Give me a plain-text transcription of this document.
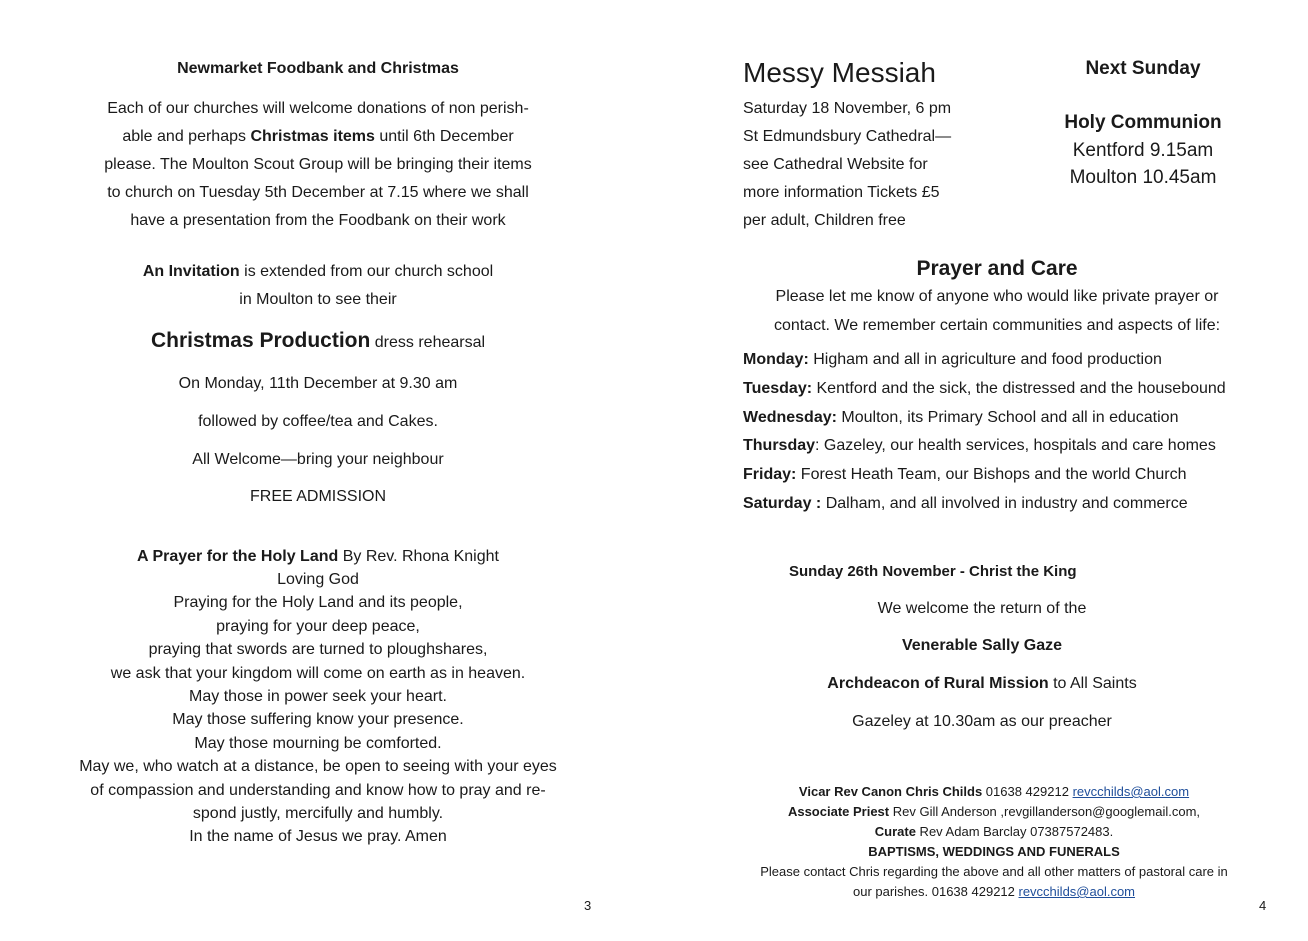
Newmarket Foodbank and Christmas
Each of our churches will welcome donations of non perish-
able and perhaps Christmas items until 6th December
please. The Moulton Scout Group will be bringing their items
to church on Tuesday 5th December at 7.15 where we shall
have a presentation from the Foodbank on their work
An Invitation is extended from our church school
in Moulton to see their
Christmas Production dress rehearsal
On Monday, 11th December at 9.30 am
followed by coffee/tea and Cakes.
All Welcome—bring your neighbour
FREE ADMISSION
A Prayer for the Holy Land By Rev. Rhona Knight
Loving God
Praying for the Holy Land and its people,
praying for your deep peace,
praying that swords are turned to ploughshares,
we ask that your kingdom will come on earth as in heaven.
May those in power seek your heart.
May those suffering know your presence.
May those mourning be comforted.
May we, who watch at a distance, be open to seeing with your eyes
of compassion and understanding and know how to pray and re-
spond justly, mercifully and humbly.
In the name of Jesus we pray. Amen
3
Messy Messiah
Saturday 18 November, 6 pm
St Edmundsbury Cathedral—
see Cathedral Website for
more information Tickets £5
per adult, Children free
Next Sunday
Holy Communion
Kentford 9.15am
Moulton 10.45am
Prayer and Care
Please let me know of anyone who would like private prayer or
contact. We remember certain communities and aspects of life:
Monday: Higham and all in agriculture and food production
Tuesday: Kentford and the sick, the distressed and the housebound
Wednesday: Moulton, its Primary School and all in education
Thursday: Gazeley, our health services, hospitals and care homes
Friday: Forest Heath Team, our Bishops and the world Church
Saturday : Dalham, and all involved in industry and commerce
Sunday 26th November - Christ the King
We welcome the return of the
Venerable Sally Gaze
Archdeacon of Rural Mission to All Saints
Gazeley at 10.30am as our preacher
Vicar Rev Canon Chris Childs 01638 429212 revcchilds@aol.com
Associate Priest Rev Gill Anderson ,revgillanderson@googlemail.com,
Curate Rev Adam Barclay 07387572483.
BAPTISMS, WEDDINGS AND FUNERALS
Please contact Chris regarding the above and all other matters of pastoral care in
our parishes. 01638 429212 revcchilds@aol.com
4
